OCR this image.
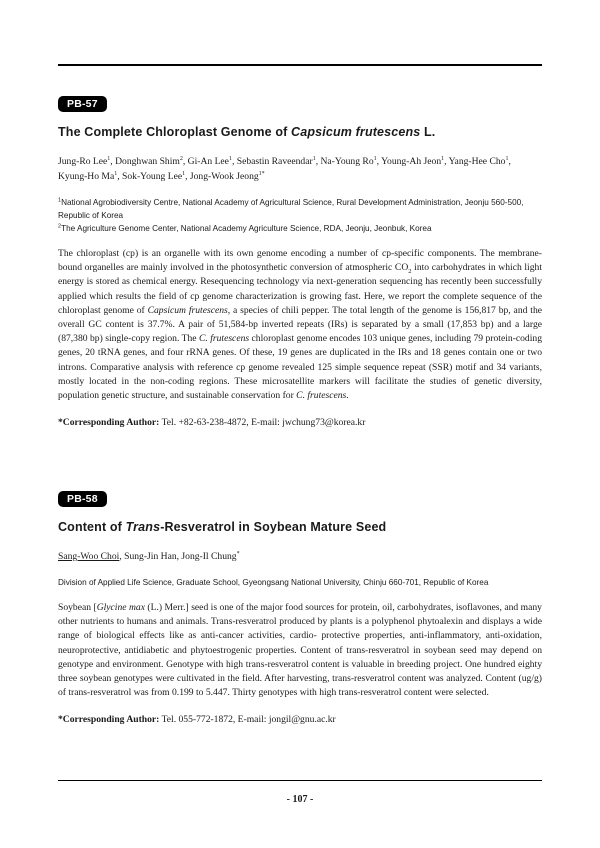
PB-57
The Complete Chloroplast Genome of Capsicum frutescens L.
Jung-Ro Lee$^1$, Donghwan Shim$^2$, Gi-An Lee$^1$, Sebastin Raveendar$^1$, Na-Young Ro$^1$, Young-Ah Jeon$^1$, Yang-Hee Cho$^1$, Kyung-Ho Ma$^1$, Sok-Young Lee$^1$, Jong-Wook Jeong$^{1*}$
$^1$National Agrobiodiversity Centre, National Academy of Agricultural Science, Rural Development Administration, Jeonju 560-500, Republic of Korea
$^2$The Agriculture Genome Center, National Academy Agriculture Science, RDA, Jeonju, Jeonbuk, Korea
The chloroplast (cp) is an organelle with its own genome encoding a number of cp-specific components. The membrane-bound organelles are mainly involved in the photosynthetic conversion of atmospheric $CO_2$ into carbohydrates in which light energy is stored as chemical energy. Resequencing technology via next-generation sequencing has recently been successfully applied which results the field of cp genome characterization is growing fast. Here, we report the complete sequence of the chloroplast genome of Capsicum frutescens, a species of chili pepper. The total length of the genome is 156,817 bp, and the overall GC content is 37.7%. A pair of 51,584-bp inverted repeats (IRs) is separated by a small (17,853 bp) and a large (87,380 bp) single-copy region. The C. frutescens chloroplast genome encodes 103 unique genes, including 79 protein-coding genes, 20 tRNA genes, and four rRNA genes. Of these, 19 genes are duplicated in the IRs and 18 genes contain one or two introns. Comparative analysis with reference cp genome revealed 125 simple sequence repeat (SSR) motif and 34 variants, mostly located in the non-coding regions. These microsatellite markers will facilitate the studies of genetic diversity, population genetic structure, and sustainable conservation for C. frutescens.
*Corresponding Author: Tel. +82-63-238-4872, E-mail: jwchung73@korea.kr
PB-58
Content of Trans-Resveratrol in Soybean Mature Seed
Sang-Woo Choi, Sung-Jin Han, Jong-Il Chung*
Division of Applied Life Science, Graduate School, Gyeongsang National University, Chinju 660-701, Republic of Korea
Soybean [Glycine max (L.) Merr.] seed is one of the major food sources for protein, oil, carbohydrates, isoflavones, and many other nutrients to humans and animals. Trans-resveratrol produced by plants is a polyphenol phytoalexin and displays a wide range of biological effects like as anti-cancer activities, cardio- protective properties, anti-inflammatory, anti-oxidation, neuroprotective, antidiabetic and phytoestrogenic properties. Content of trans-resveratrol in soybean seed may depend on genotype and environment. Genotype with high trans-resveratrol content is valuable in breeding project. One hundred eighty three soybean genotypes were cultivated in the field. After harvesting, trans-resveratrol content was analyzed. Content (ug/g) of trans-resveratrol was from 0.199 to 5.447. Thirty genotypes with high trans-resveratrol content were selected.
*Corresponding Author: Tel. 055-772-1872, E-mail: jongil@gnu.ac.kr
- 107 -
